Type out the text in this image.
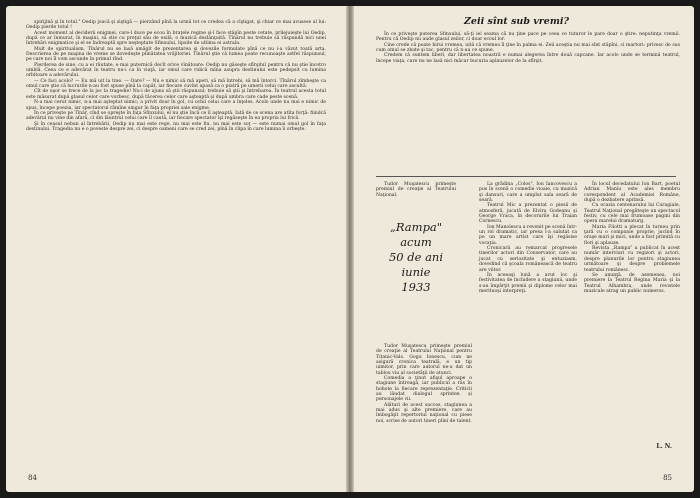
spirijină şi în totul." Oedip joacă şi ziştigă — pierzând pînă la urmă tot ce credea că a cîştigat, şi chiar ce mai avusese al lui: Oedip pierde totul !

Acest moment al deciderii enigmei, care-l duce pe ecou în braţele regine şi-l face stăpîn peste cetate, prilejuieşte lui Oedip, după ce ar înmurat, în maşini, să stie cu preţul său de exilă, o muzică dezlănţuită. Tînărul nu trebuie să răspundă nici unei întrebări enigmatice şi el se îndreaptă spre neşteptate Sfinxului, lipsite de ultima ei astrala.

Mult de spiritualism, Tînărul nu se lasă amăgit de prezentarea şi dovezile formulate pînă ce nu i-a văzut toată arta. Descrierea de pe maşina de vreme se dovedeşte plinătatea vrăjitoriei. Tînărul ştie că lumea poate recunoaşte astfel răspunsul, pe care noi îl vom ascunde în primul rînd.

Pierderea de sine, cu a ei răutate, e mai puternică decît orice vînătoare: Oedip nu găseşte sfîrşitul pentru că nu ştie încotro umblă. Ceea ce e adevărat în teatru nu-i ca în viaţă, iar omul care ridică mîna asupra destinului este pedepsit cu lumina orbitoare a adevărului.

— Ce faci acolo? — Eu mă uit la tine. — Oare? — Nu e nimic să mă aperi, să mă întrebi, să mă întorci. Tînărul zîmbeşte ca omul care ştie că lucrurile n-au fost spuse pînă la capăt, iar fiecare cuvînt apasă ca o piatră pe umerii celui care ascultă.

Cît de uşor se trece de la joc la tragedie! Nu-i de ajuns să ştii răspunsul; trebuie să ştii şi întrebarea. În teatrul acesta totul este măsurat după glasul celor care vorbesc, după tăcerea celor care aşteaptă şi după umbra care cade peste scenă.

N-a mai cerut nimic, n-a mai aşteptat nimic; a privit doar în gol, cu ochii celui care a înţeles. Acolo unde nu mai e nimic de spus, începe poezia, iar spectatorul rămîne singur în faţa propriei sale enigme.

În ce priveşte pe Tînăr, cînd se opreşte în faţa Sfinxului, el nu ştie încă ce îl aşteaptă. Iată de ce scena are atîta forţă: fiindcă adevărul nu vine din afară, ci din lăuntrul celui care îl caută, iar fiecare spectator îşi regăseşte în ea propria lui frică.

Şi în ceasul nebun al întrebării, Oedip nu mai este rege, nu mai este fiu, nu mai este soţ — este numai omul gol în faţa destinului. Tragedia nu e o poveste despre zei, ci despre oameni care se cred zei, pînă în clipa în care lumina îi orbeşte.

84
Zeii sînt sub vremi?

În ce priveşte puterea Sfinxului, să-ţi iei seama că nu ţine pace pe ceea ce tuturor le pare doar o ştire: neputinţa vremii. Pentru că Oedip nu aude glasul zeilor, ci doar ecoul lor.

Cine crede că poate birui vremea, uită că vremea îl ţine în palma ei. Zeii aceştia nu mai sînt stăpîni, ci martori: privesc de sus cum omul se zbate şi tac, pentru că n-au ce spune.

Credem că suntem liberi, dar libertatea noastră e numai alegerea între două capcane. Iar acolo unde se termină teatrul, începe viaţa, care nu ne lasă nici măcar bucuria aplauzelor de la sfîrşit.

Tudor Muşatescu primeşte premiul de creaţie al Teatrului Naţional.

„Rampa"
acum
50 de ani
iunie
1933

Tudor Muşatescu primeşte premiul de creaţie al Teatrului Naţional pentru Titanic-Vals. Gogu Ionescu, cum ne asigură cronica teatrală, e un tip uimitor, prin care autorul ne-a dat un tablou viu al societăţii de atunci.

Comedia a ţinut afişul aproape o stagiune întreagă, iar publicul a râs în hohote la fiecare reprezentaţie. Criticii au lăudat dialogul sprinten şi personajele vii.

Alături de acest succes, stagiunea a mai adus şi alte premiere, care au îmbogăţit repertoriul naţional cu piese noi, scrise de autori tineri plini de talent.

La grădina „Colos", Ion Iancovescu a pus în scenă o comedie vioaie, cu muzică şi dansuri, care a umplut sala seară de seară.

Teatrul Mic a prezentat o piesă de atmosferă, jucată de Elvira Godeanu şi George Vraca, în decorurile lui Traian Cornescu.

Ion Manolescu a revenit pe scenă într-un rol dramatic, iar presa l-a salutat ca pe un mare artist care îşi regăsise vocaţia.

Cronicarii au remarcat progresele tinerilor actori din Conservator, care au jucat cu seriozitate şi entuziasm, dovedind că şcoala românească de teatru are viitor.

În aceeaşi lună a avut loc şi festivitatea de închidere a stagiunii, unde s-au împărţit premii şi diplome celor mai merituoşi interpreţi.

În locul decedatului Ion Bart, poetul Adrian Maniu este ales membru corespondent al Academiei Române, după o dezbatere aprinsă.

Cu ocazia centenarului lui Caragiale, Teatrul Naţional pregăteşte un spectacol festiv, cu cele mai frumoase pagini din opera marelui dramaturg.

Maria Filotti a plecat în turneu prin ţară cu o companie proprie, jucînd în oraşe mari şi mici, unde a fost primită cu flori şi aplauze.

Revista „Rampa" a publicat în acest număr interviuri cu regizori şi actori, despre planurile lor pentru stagiunea următoare şi despre problemele teatrului românesc.

Se anunţă, de asemenea, noi premiere la Teatrul Regina Maria şi la Teatrul Alhambra, unde revistele muzicale atrag un public numeros.

L. N.
85
